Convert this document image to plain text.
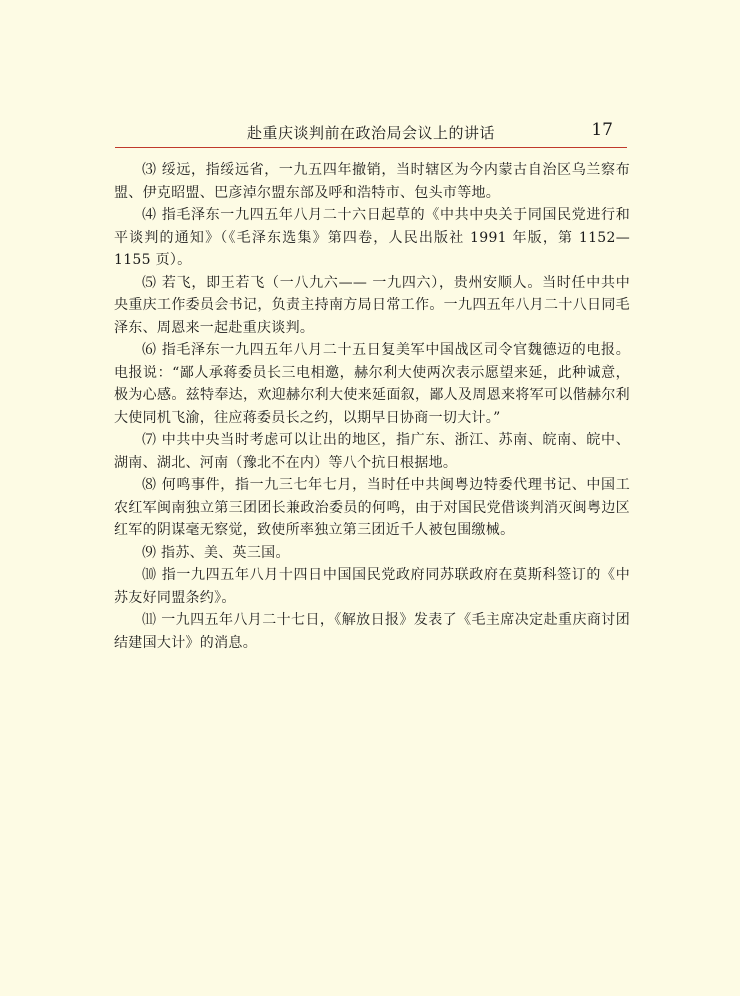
赴重庆谈判前在政治局会议上的讲话	17

⑶ 绥远，指绥远省，一九五四年撤销，当时辖区为今内蒙古自治区乌兰察布盟、伊克昭盟、巴彦淖尔盟东部及呼和浩特市、包头市等地。

⑷ 指毛泽东一九四五年八月二十六日起草的《中共中央关于同国民党进行和平谈判的通知》（《毛泽东选集》第四卷，人民出版社 1991 年版，第 1152—1155 页）。

⑸ 若飞，即王若飞（一八九六—— 一九四六），贵州安顺人。当时任中共中央重庆工作委员会书记，负责主持南方局日常工作。一九四五年八月二十八日同毛泽东、周恩来一起赴重庆谈判。

⑹ 指毛泽东一九四五年八月二十五日复美军中国战区司令官魏德迈的电报。电报说：“鄙人承蒋委员长三电相邀，赫尔利大使两次表示愿望来延，此种诚意，极为心感。兹特奉达，欢迎赫尔利大使来延面叙，鄙人及周恩来将军可以偕赫尔利大使同机飞渝，往应蒋委员长之约，以期早日协商一切大计。”

⑺ 中共中央当时考虑可以让出的地区，指广东、浙江、苏南、皖南、皖中、湖南、湖北、河南（豫北不在内）等八个抗日根据地。

⑻ 何鸣事件，指一九三七年七月，当时任中共闽粤边特委代理书记、中国工农红军闽南独立第三团团长兼政治委员的何鸣，由于对国民党借谈判消灭闽粤边区红军的阴谋毫无察觉，致使所率独立第三团近千人被包围缴械。

⑼ 指苏、美、英三国。

⑽ 指一九四五年八月十四日中国国民党政府同苏联政府在莫斯科签订的《中苏友好同盟条约》。

⑾ 一九四五年八月二十七日，《解放日报》发表了《毛主席决定赴重庆商讨团结建国大计》的消息。
